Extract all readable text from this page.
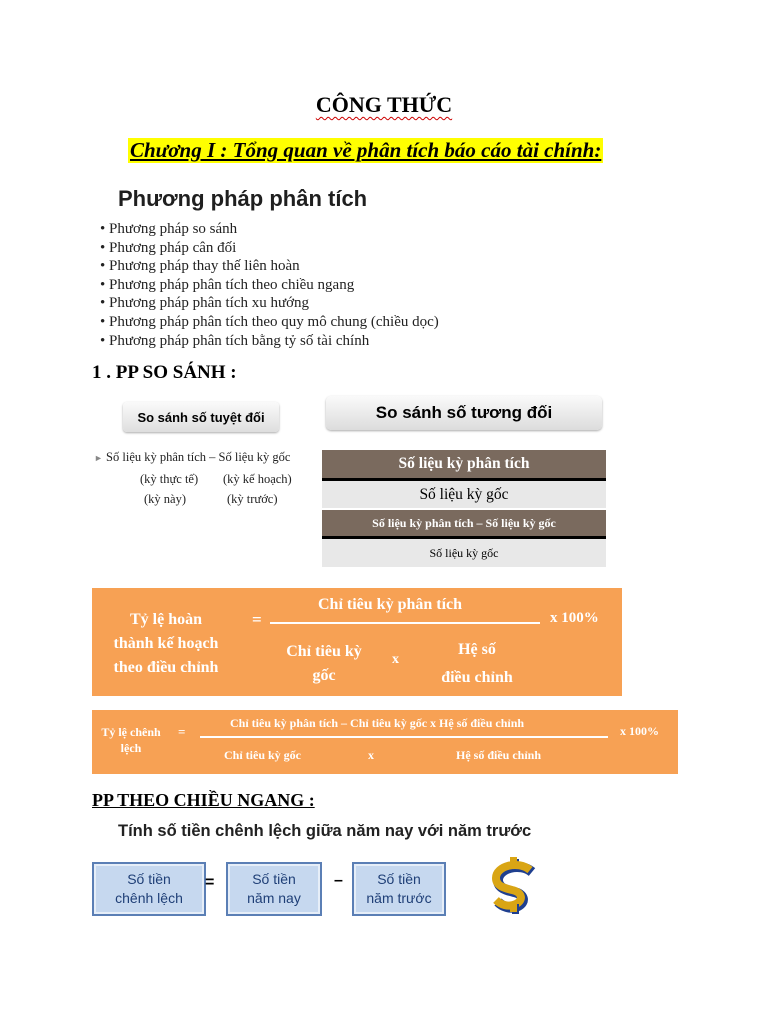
CÔNG THỨC
Chương I : Tổng quan về phân tích báo cáo tài chính:
Phương pháp phân tích
• Phương pháp so sánh
• Phương pháp cân đối
• Phương pháp thay thế liên hoàn
• Phương pháp phân tích theo chiều ngang
• Phương pháp phân tích xu hướng
• Phương pháp phân tích theo quy mô chung (chiều dọc)
• Phương pháp phân tích bằng tỷ số tài chính
1 . PP SO SÁNH :
So sánh số tuyệt đối
► Số liệu kỳ phân tích – Số liệu kỳ gốc
(kỳ thực tế) (kỳ kế hoạch)
(kỳ này)	(kỳ trước)
So sánh số tương đối
Số liệu kỳ phân tích
Số liệu kỳ gốc
Số liệu kỳ phân tích – Số liệu kỳ gốc
Số liệu kỳ gốc
Tỷ lệ hoàn
thành kế hoạch
theo điều chỉnh
=
Chỉ tiêu kỳ phân tích
Chỉ tiêu kỳ
gốc
x
Hệ số
điều chỉnh
x 100%
Tỷ lệ chênh
lệch
=
Chỉ tiêu kỳ phân tích – Chỉ tiêu kỳ gốc x Hệ số điều chỉnh
Chỉ tiêu kỳ gốc	x	Hệ số điều chỉnh
x 100%
PP THEO CHIỀU NGANG :
Tính số tiền chênh lệch giữa năm nay với năm trước
Số tiền
chênh lệch
=	Số tiền
năm nay
–	Số tiền
năm trước
